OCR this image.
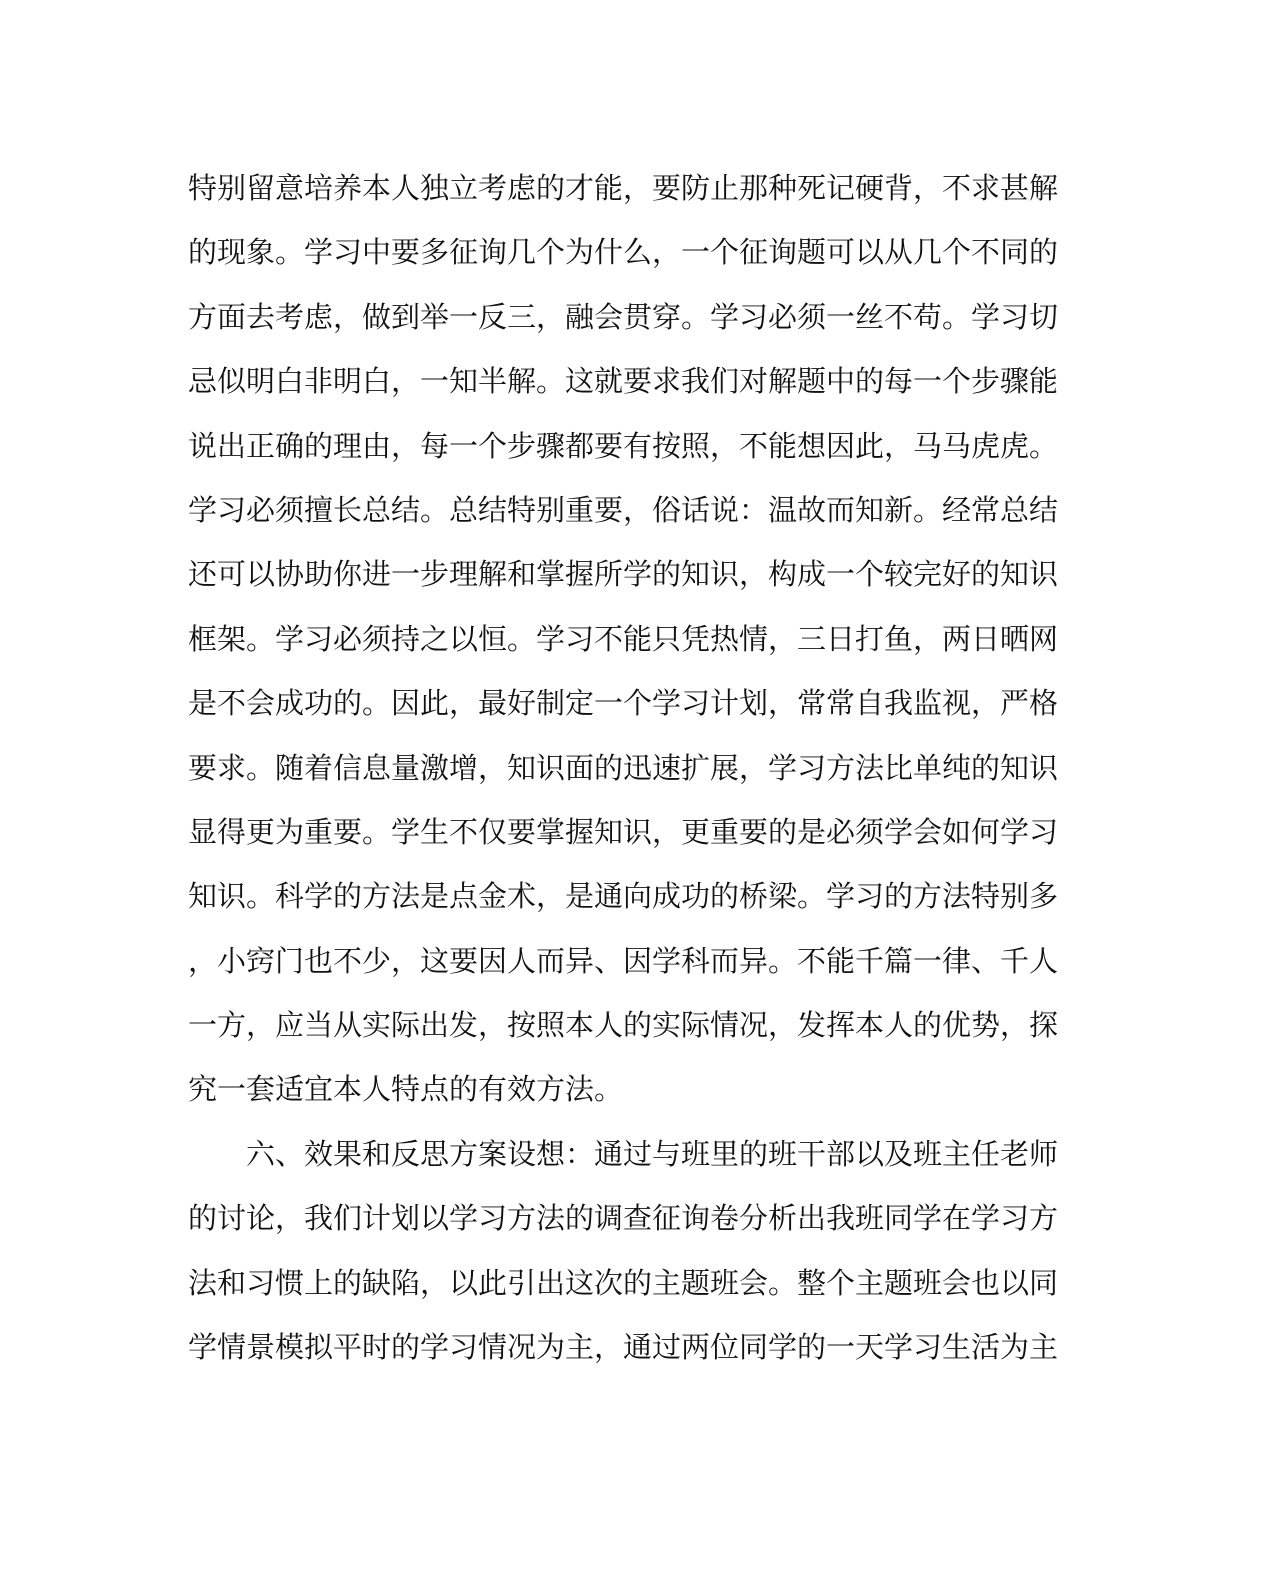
特别留意培养本人独立考虑的才能，要防止那种死记硬背，不求甚解
的现象。学习中要多征询几个为什么，一个征询题可以从几个不同的
方面去考虑，做到举一反三，融会贯穿。学习必须一丝不苟。学习切
忌似明白非明白，一知半解。这就要求我们对解题中的每一个步骤能
说出正确的理由，每一个步骤都要有按照，不能想因此，马马虎虎。
学习必须擅长总结。总结特别重要，俗话说：温故而知新。经常总结
还可以协助你进一步理解和掌握所学的知识，构成一个较完好的知识
框架。学习必须持之以恒。学习不能只凭热情，三日打鱼，两日晒网
是不会成功的。因此，最好制定一个学习计划，常常自我监视，严格
要求。随着信息量激增，知识面的迅速扩展，学习方法比单纯的知识
显得更为重要。学生不仅要掌握知识，更重要的是必须学会如何学习
知识。科学的方法是点金术，是通向成功的桥梁。学习的方法特别多
，小窍门也不少，这要因人而异、因学科而异。不能千篇一律、千人
一方，应当从实际出发，按照本人的实际情况，发挥本人的优势，探
究一套适宜本人特点的有效方法。
六、效果和反思方案设想：通过与班里的班干部以及班主任老师
的讨论，我们计划以学习方法的调查征询卷分析出我班同学在学习方
法和习惯上的缺陷，以此引出这次的主题班会。整个主题班会也以同
学情景模拟平时的学习情况为主，通过两位同学的一天学习生活为主
